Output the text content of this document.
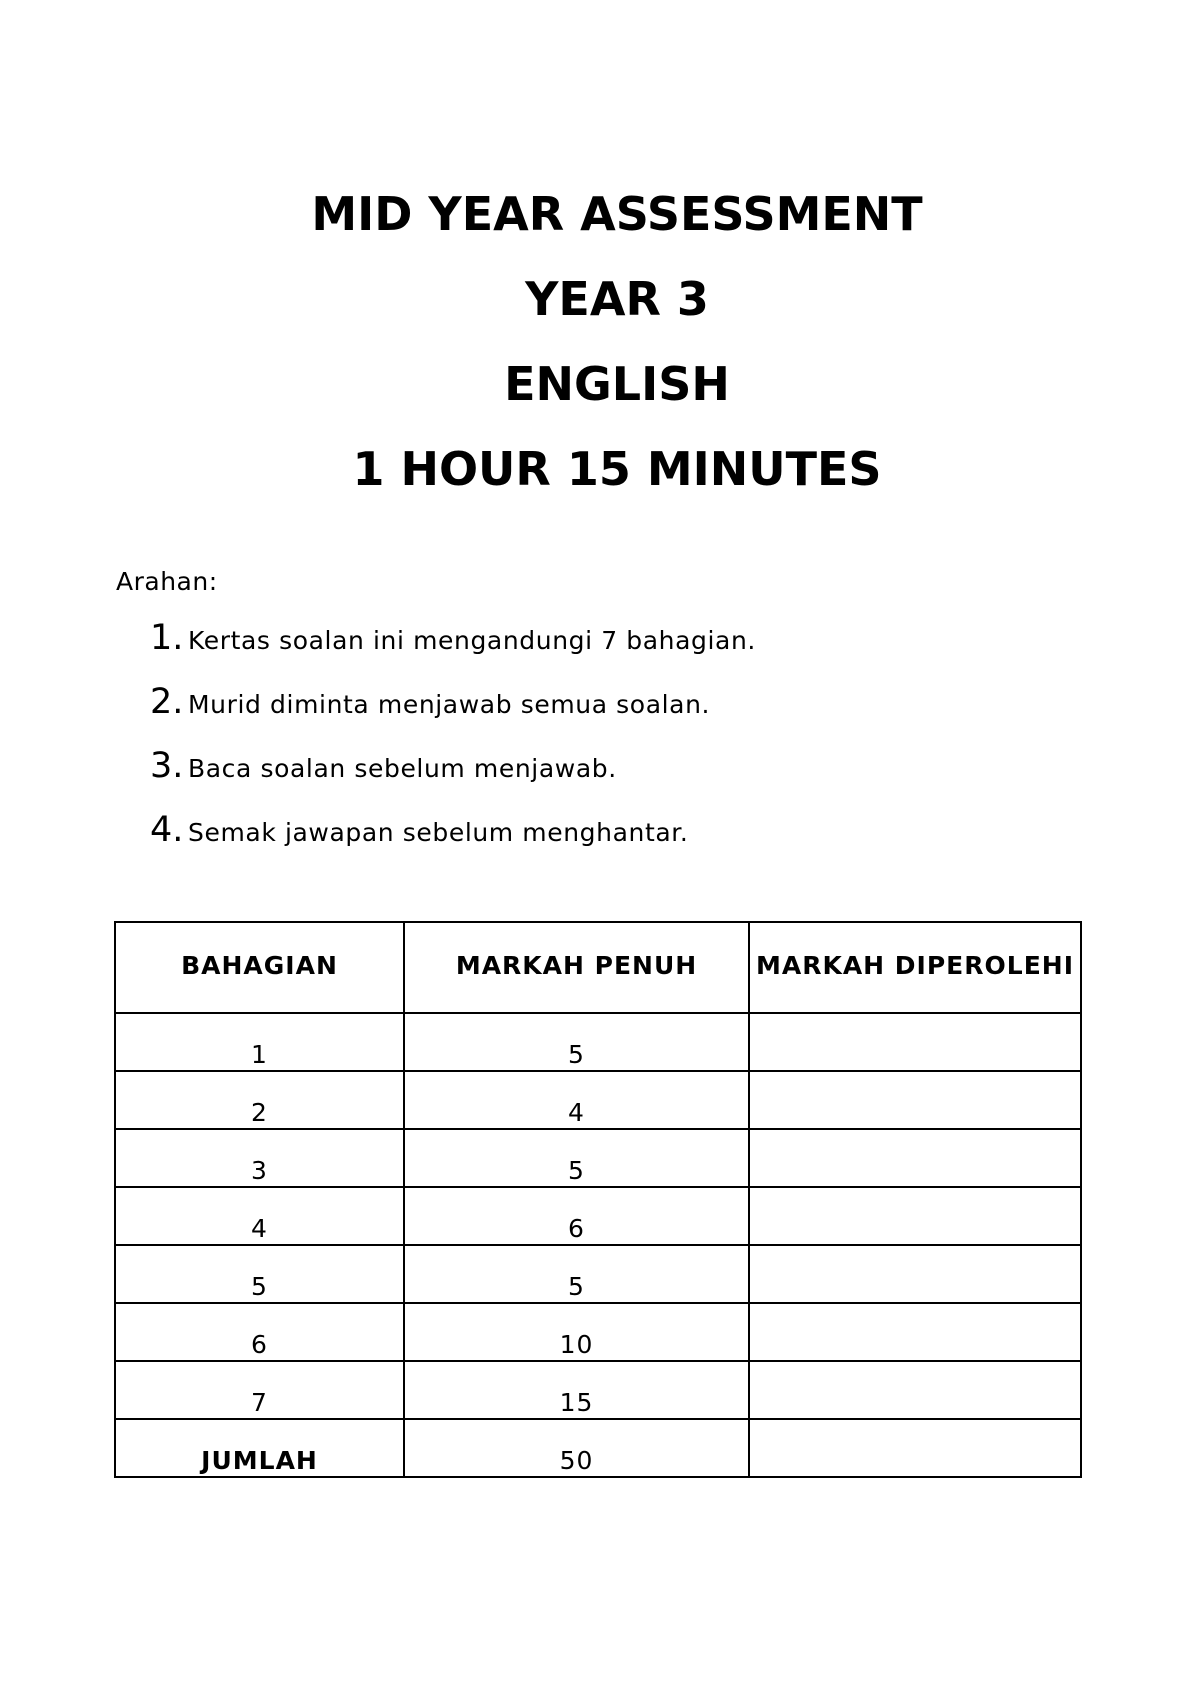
MID YEAR ASSESSMENT
YEAR 3
ENGLISH
1 HOUR 15 MINUTES
Arahan:
1. Kertas soalan ini mengandungi 7 bahagian.
2. Murid diminta menjawab semua soalan.
3. Baca soalan sebelum menjawab.
4. Semak jawapan sebelum menghantar.
BAHAGIAN	MARKAH PENUH	MARKAH DIPEROLEHI
1	5	
2	4	
3	5	
4	6	
5	5	
6	10	
7	15	
JUMLAH	50	
